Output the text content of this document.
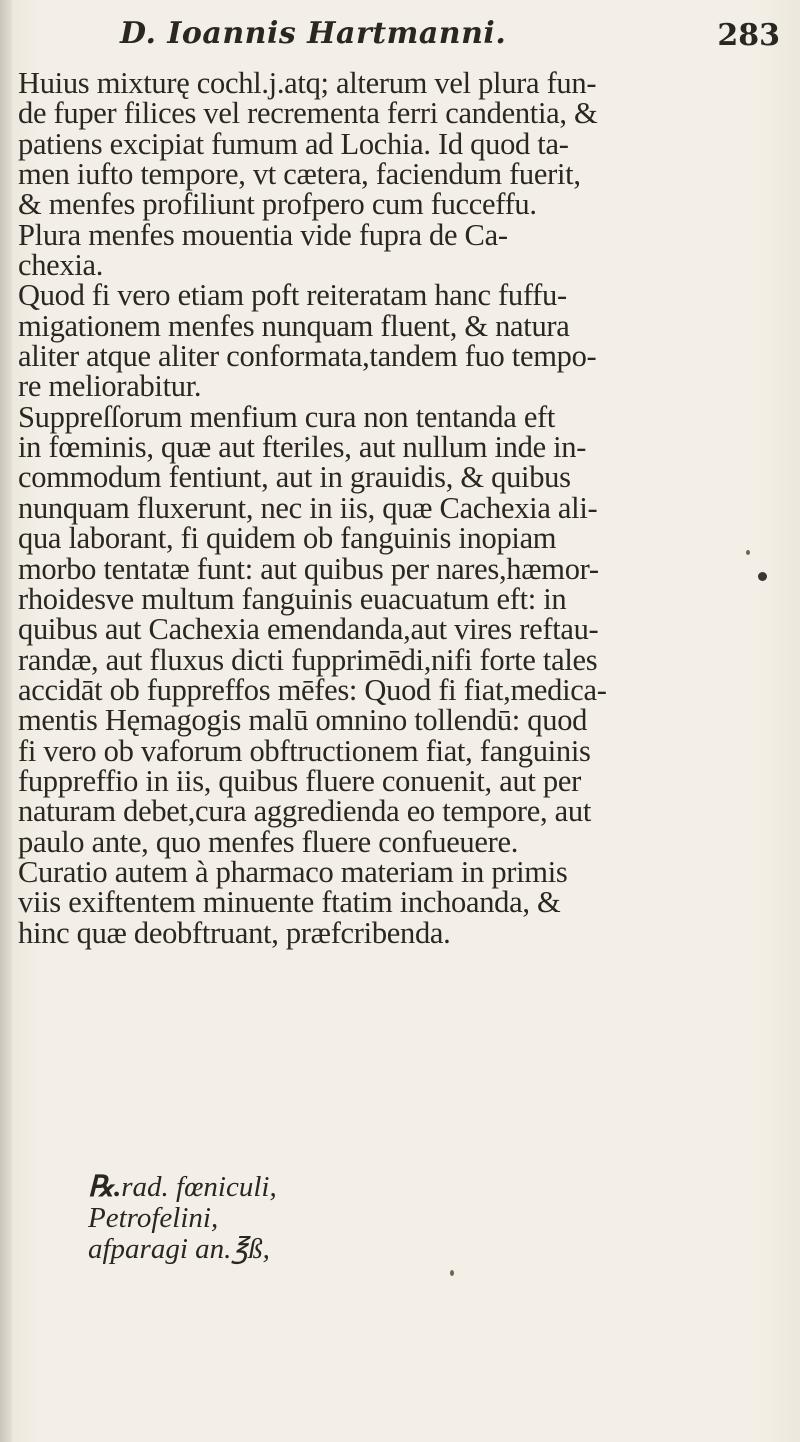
D. Ioannis Hartmanni.	283
Huius mixturę cochl.j.atq; alterum vel plura fun-
de fuper filices vel recrementa ferri candentia, &
patiens excipiat fumum ad Lochia. Id quod ta-
men iufto tempore, vt cætera, faciendum fuerit,
& menfes profiliunt profpero cum fucceffu.
Plura menfes mouentia vide fupra de Ca-
chexia.
Quod fi vero etiam poft reiteratam hanc fuffu-
migationem menfes nunquam fluent, & natura
aliter atque aliter conformata,tandem fuo tempo-
re meliorabitur.
Suppreſſorum menfium cura non tentanda eft
in fœminis, quæ aut fteriles, aut nullum inde in-
commodum fentiunt, aut in grauidis, & quibus
nunquam fluxerunt, nec in iis, quæ Cachexia ali-
qua laborant, fi quidem ob fanguinis inopiam
morbo tentatæ funt: aut quibus per nares,hæmor-
rhoidesve multum fanguinis euacuatum eft: in
quibus aut Cachexia emendanda,aut vires reftau-
randæ, aut fluxus dicti fupprimēdi,nifi forte tales
accidāt ob fuppreffos mēfes: Quod fi fiat,medica-
mentis Hęmagogis malū omnino tollendū: quod
fi vero ob vaforum obftructionem fiat, fanguinis
fuppreffio in iis, quibus fluere conuenit, aut per
naturam debet,cura aggredienda eo tempore, aut
paulo ante, quo menfes fluere confueuere.
Curatio autem à pharmaco materiam in primis
viis exiftentem minuente ftatim inchoanda, &
hinc quæ deobftruant, præfcribenda.
℞.rad. fœniculi,
Petrofelini,
afparagi an.℥ß,
